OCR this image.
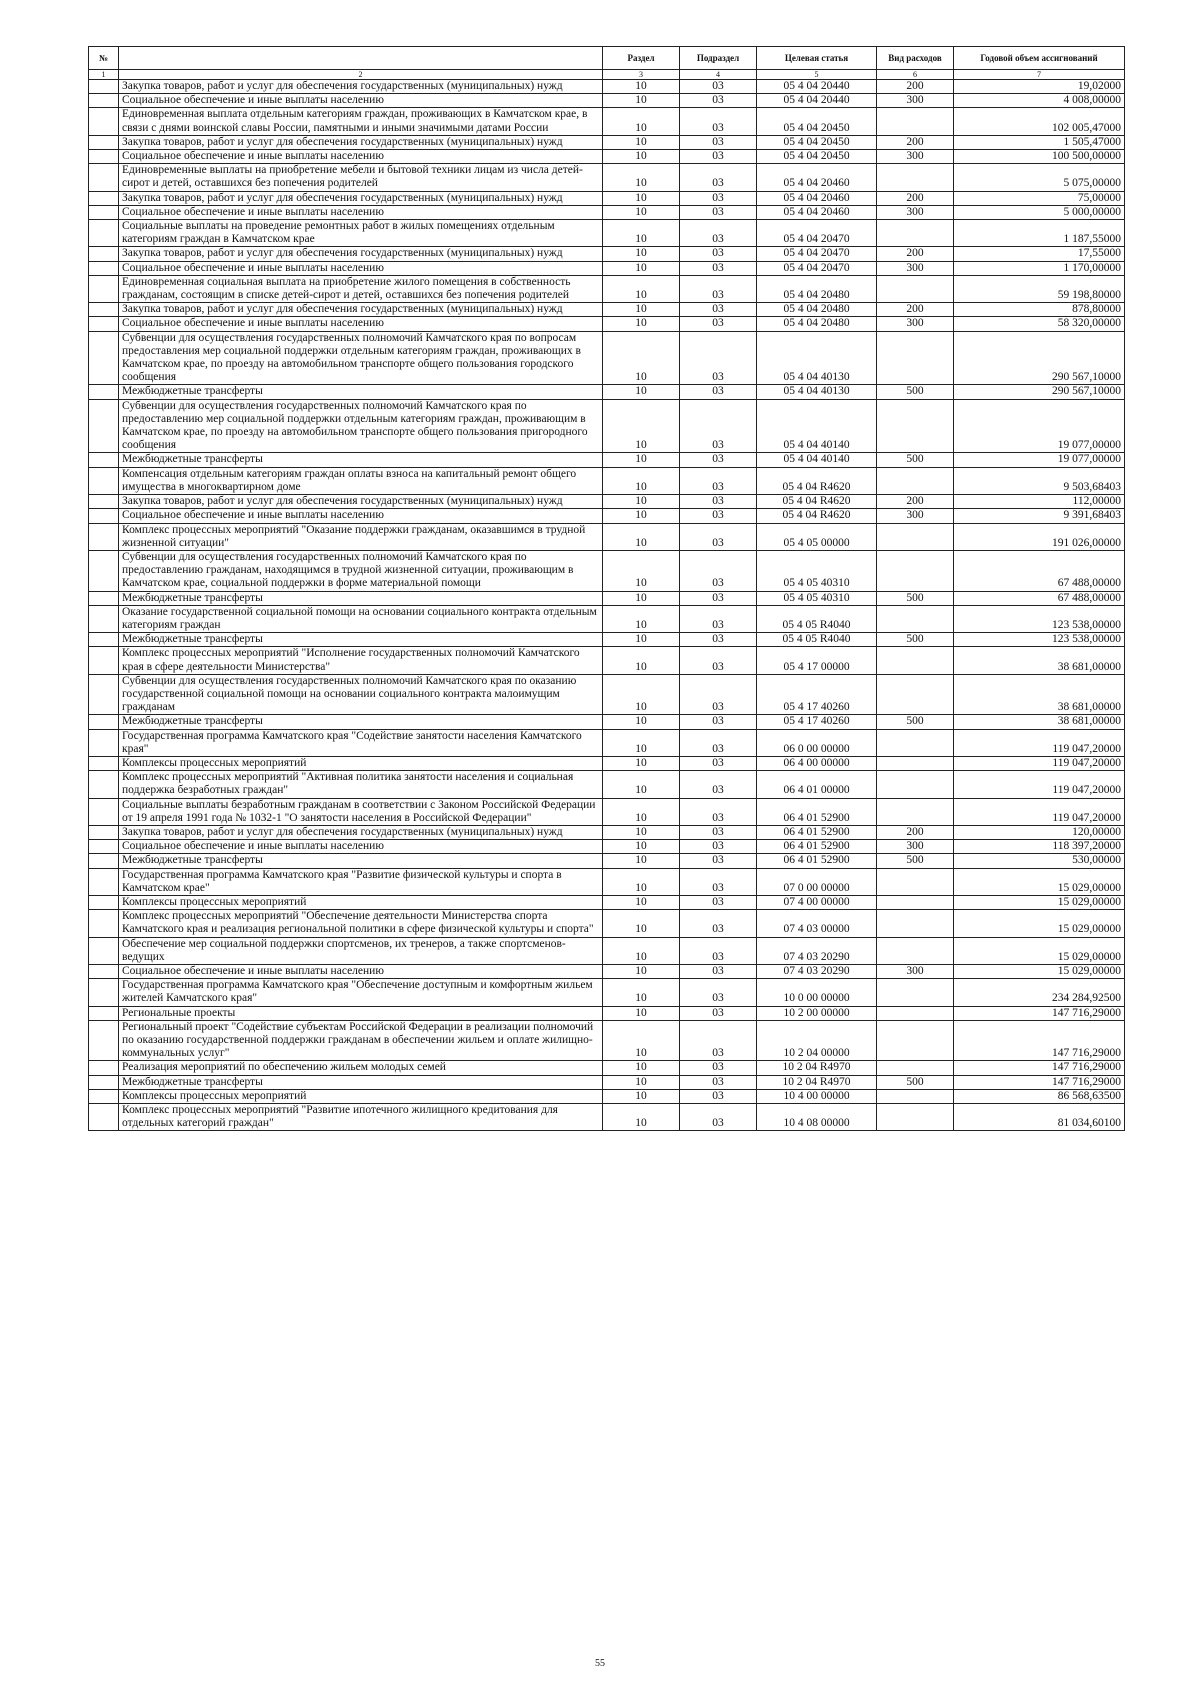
№		Раздел	Подраздел	Целевая статья	Вид расходов	Годовой объем ассигнований
1	2	3	4	5	6	7
	Закупка товаров, работ и услуг для обеспечения государственных (муниципальных) нужд	10	03	05 4 04 20440	200	19,02000
	Социальное обеспечение и иные выплаты населению	10	03	05 4 04 20440	300	4 008,00000
	Единовременная выплата отдельным категориям граждан, проживающих в Камчатском крае, в связи с днями воинской славы России, памятными и иными значимыми датами России	10	03	05 4 04 20450		102 005,47000
	Закупка товаров, работ и услуг для обеспечения государственных (муниципальных) нужд	10	03	05 4 04 20450	200	1 505,47000
	Социальное обеспечение и иные выплаты населению	10	03	05 4 04 20450	300	100 500,00000
	Единовременные выплаты на приобретение мебели и бытовой техники лицам из числа детей-сирот и детей, оставшихся без попечения родителей	10	03	05 4 04 20460		5 075,00000
	Закупка товаров, работ и услуг для обеспечения государственных (муниципальных) нужд	10	03	05 4 04 20460	200	75,00000
	Социальное обеспечение и иные выплаты населению	10	03	05 4 04 20460	300	5 000,00000
	Социальные выплаты на проведение ремонтных работ в жилых помещениях отдельным категориям граждан в Камчатском крае	10	03	05 4 04 20470		1 187,55000
	Закупка товаров, работ и услуг для обеспечения государственных (муниципальных) нужд	10	03	05 4 04 20470	200	17,55000
	Социальное обеспечение и иные выплаты населению	10	03	05 4 04 20470	300	1 170,00000
	Единовременная социальная выплата на приобретение жилого помещения в собственность гражданам, состоящим в списке детей-сирот и детей, оставшихся без попечения родителей	10	03	05 4 04 20480		59 198,80000
	Закупка товаров, работ и услуг для обеспечения государственных (муниципальных) нужд	10	03	05 4 04 20480	200	878,80000
	Социальное обеспечение и иные выплаты населению	10	03	05 4 04 20480	300	58 320,00000
	Субвенции для осуществления государственных полномочий Камчатского края по вопросам предоставления мер социальной поддержки отдельным категориям граждан, проживающих в Камчатском крае, по проезду на автомобильном транспорте общего пользования городского сообщения	10	03	05 4 04 40130		290 567,10000
	Межбюджетные трансферты	10	03	05 4 04 40130	500	290 567,10000
	Субвенции для осуществления государственных полномочий Камчатского края по предоставлению мер социальной поддержки отдельным категориям граждан, проживающим в Камчатском крае, по проезду на автомобильном транспорте общего пользования пригородного сообщения	10	03	05 4 04 40140		19 077,00000
	Межбюджетные трансферты	10	03	05 4 04 40140	500	19 077,00000
	Компенсация отдельным категориям граждан оплаты взноса на капитальный ремонт общего имущества в многоквартирном доме	10	03	05 4 04 R4620		9 503,68403
	Закупка товаров, работ и услуг для обеспечения государственных (муниципальных) нужд	10	03	05 4 04 R4620	200	112,00000
	Социальное обеспечение и иные выплаты населению	10	03	05 4 04 R4620	300	9 391,68403
	Комплекс процессных мероприятий "Оказание поддержки гражданам, оказавшимся в трудной жизненной ситуации"	10	03	05 4 05 00000		191 026,00000
	Субвенции для осуществления государственных полномочий Камчатского края по предоставлению гражданам, находящимся в трудной жизненной ситуации, проживающим в Камчатском крае, социальной поддержки в форме материальной помощи	10	03	05 4 05 40310		67 488,00000
	Межбюджетные трансферты	10	03	05 4 05 40310	500	67 488,00000
	Оказание государственной социальной помощи на основании социального контракта отдельным категориям граждан	10	03	05 4 05 R4040		123 538,00000
	Межбюджетные трансферты	10	03	05 4 05 R4040	500	123 538,00000
	Комплекс процессных мероприятий "Исполнение государственных полномочий Камчатского края в сфере деятельности Министерства"	10	03	05 4 17 00000		38 681,00000
	Субвенции для осуществления государственных полномочий Камчатского края по оказанию государственной социальной помощи на основании социального контракта малоимущим гражданам	10	03	05 4 17 40260		38 681,00000
	Межбюджетные трансферты	10	03	05 4 17 40260	500	38 681,00000
	Государственная программа Камчатского края "Содействие занятости населения Камчатского края"	10	03	06 0 00 00000		119 047,20000
	Комплексы процессных мероприятий	10	03	06 4 00 00000		119 047,20000
	Комплекс процессных мероприятий "Активная политика занятости населения и социальная поддержка безработных граждан"	10	03	06 4 01 00000		119 047,20000
	Социальные выплаты безработным гражданам в соответствии с Законом Российской Федерации от 19 апреля 1991 года № 1032-1 "О занятости населения в Российской Федерации"	10	03	06 4 01 52900		119 047,20000
	Закупка товаров, работ и услуг для обеспечения государственных (муниципальных) нужд	10	03	06 4 01 52900	200	120,00000
	Социальное обеспечение и иные выплаты населению	10	03	06 4 01 52900	300	118 397,20000
	Межбюджетные трансферты	10	03	06 4 01 52900	500	530,00000
	Государственная программа Камчатского края "Развитие физической культуры и спорта в Камчатском крае"	10	03	07 0 00 00000		15 029,00000
	Комплексы процессных мероприятий	10	03	07 4 00 00000		15 029,00000
	Комплекс процессных мероприятий "Обеспечение деятельности Министерства спорта Камчатского края и реализация региональной политики в сфере физической культуры и спорта"	10	03	07 4 03 00000		15 029,00000
	Обеспечение мер социальной поддержки спортсменов, их тренеров, а также спортсменов-ведущих	10	03	07 4 03 20290		15 029,00000
	Социальное обеспечение и иные выплаты населению	10	03	07 4 03 20290	300	15 029,00000
	Государственная программа Камчатского края "Обеспечение доступным и комфортным жильем жителей Камчатского края"	10	03	10 0 00 00000		234 284,92500
	Региональные проекты	10	03	10 2 00 00000		147 716,29000
	Региональный проект "Содействие субъектам Российской Федерации в реализации полномочий по оказанию государственной поддержки гражданам в обеспечении жильем и оплате жилищно-коммунальных услуг"	10	03	10 2 04 00000		147 716,29000
	Реализация мероприятий по обеспечению жильем молодых семей	10	03	10 2 04 R4970		147 716,29000
	Межбюджетные трансферты	10	03	10 2 04 R4970	500	147 716,29000
	Комплексы процессных мероприятий	10	03	10 4 00 00000		86 568,63500
	Комплекс процессных мероприятий "Развитие ипотечного жилищного кредитования для отдельных категорий граждан"	10	03	10 4 08 00000		81 034,60100
55
